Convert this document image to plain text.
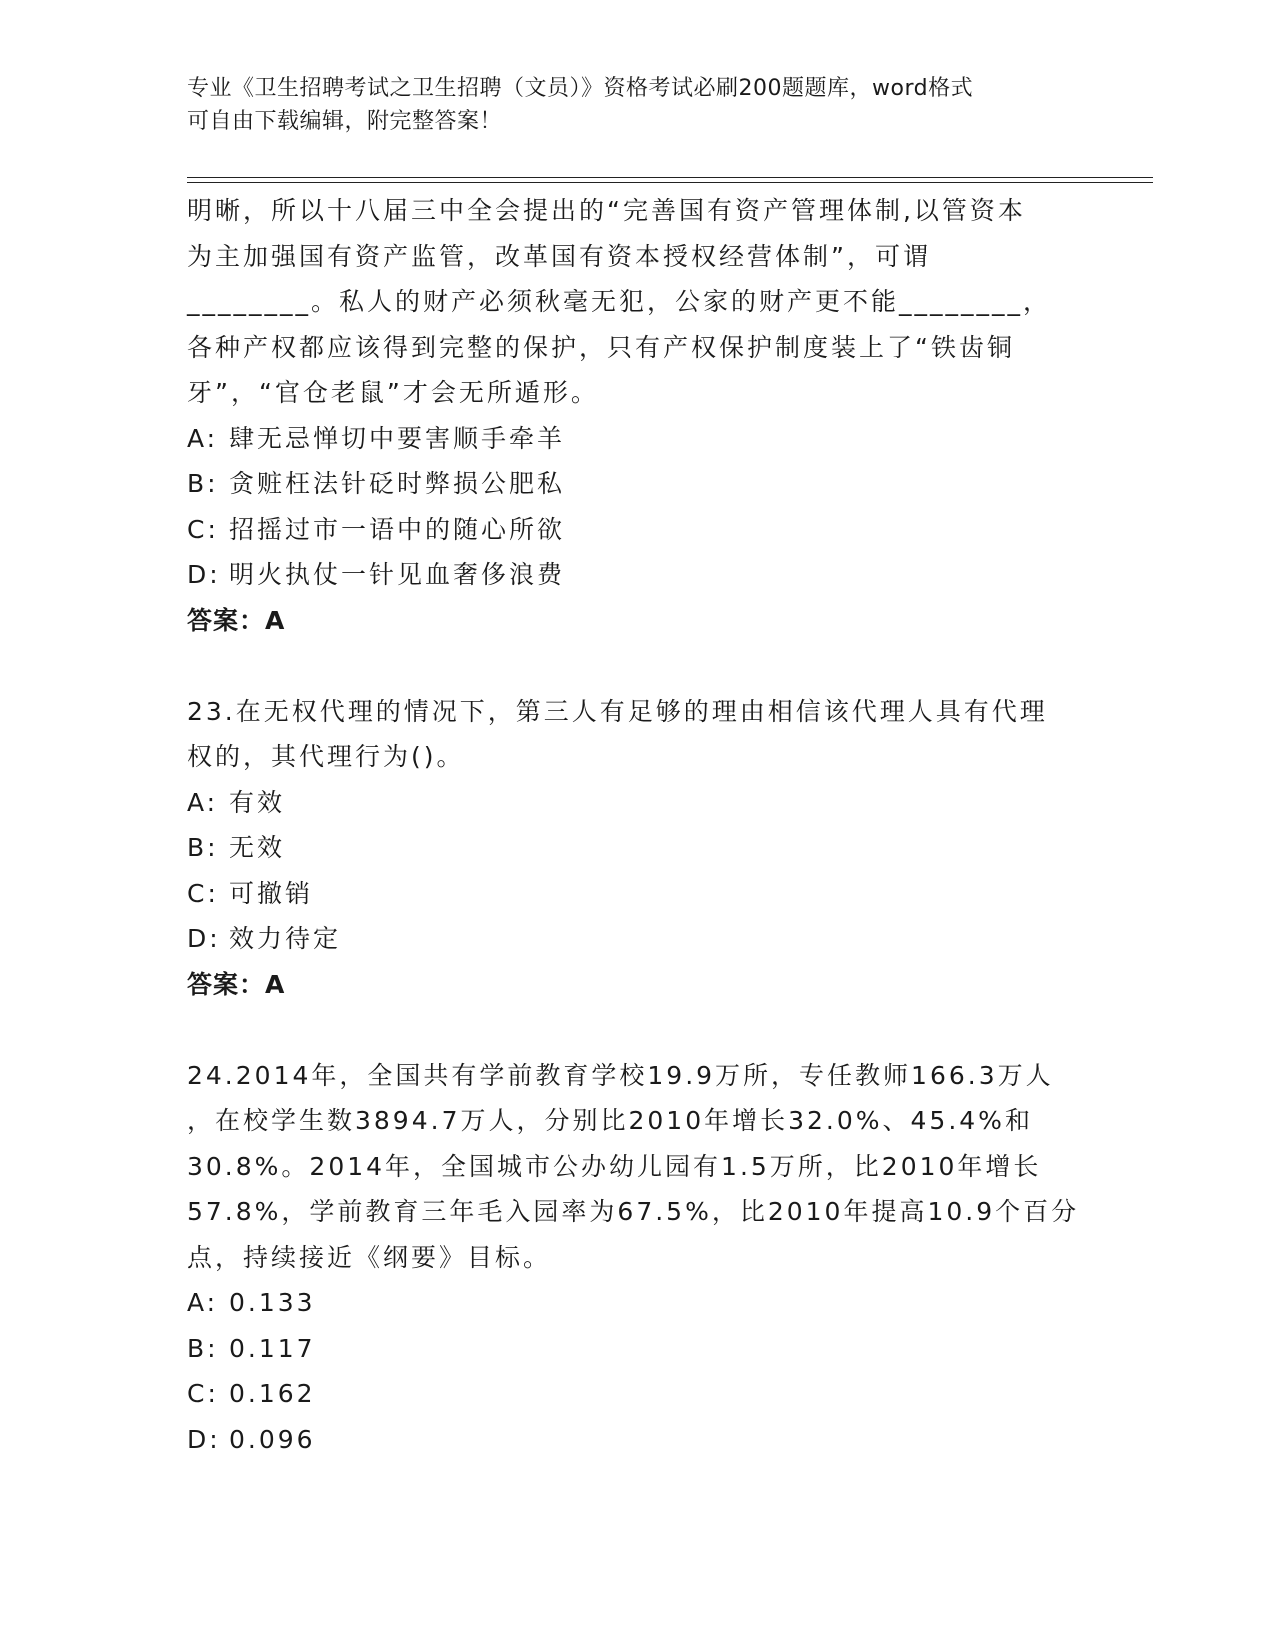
专业《卫生招聘考试之卫生招聘（文员）》资格考试必刷200题题库，word格式
可自由下载编辑，附完整答案！
明晰，所以十八届三中全会提出的“完善国有资产管理体制,以管资本
为主加强国有资产监管，改革国有资本授权经营体制”，可谓
________。私人的财产必须秋毫无犯，公家的财产更不能________，
各种产权都应该得到完整的保护，只有产权保护制度装上了“铁齿铜
牙”，“官仓老鼠”才会无所遁形。
A: 肆无忌惮切中要害顺手牵羊
B: 贪赃枉法针砭时弊损公肥私
C: 招摇过市一语中的随心所欲
D: 明火执仗一针见血奢侈浪费
答案：A
23.在无权代理的情况下，第三人有足够的理由相信该代理人具有代理
权的，其代理行为()。
A: 有效
B: 无效
C: 可撤销
D: 效力待定
答案：A
24.2014年，全国共有学前教育学校19.9万所，专任教师166.3万人
，在校学生数3894.7万人，分别比2010年增长32.0%、45.4%和
30.8%。2014年，全国城市公办幼儿园有1.5万所，比2010年增长
57.8%，学前教育三年毛入园率为67.5%，比2010年提高10.9个百分
点，持续接近《纲要》目标。
A: 0.133
B: 0.117
C: 0.162
D: 0.096
